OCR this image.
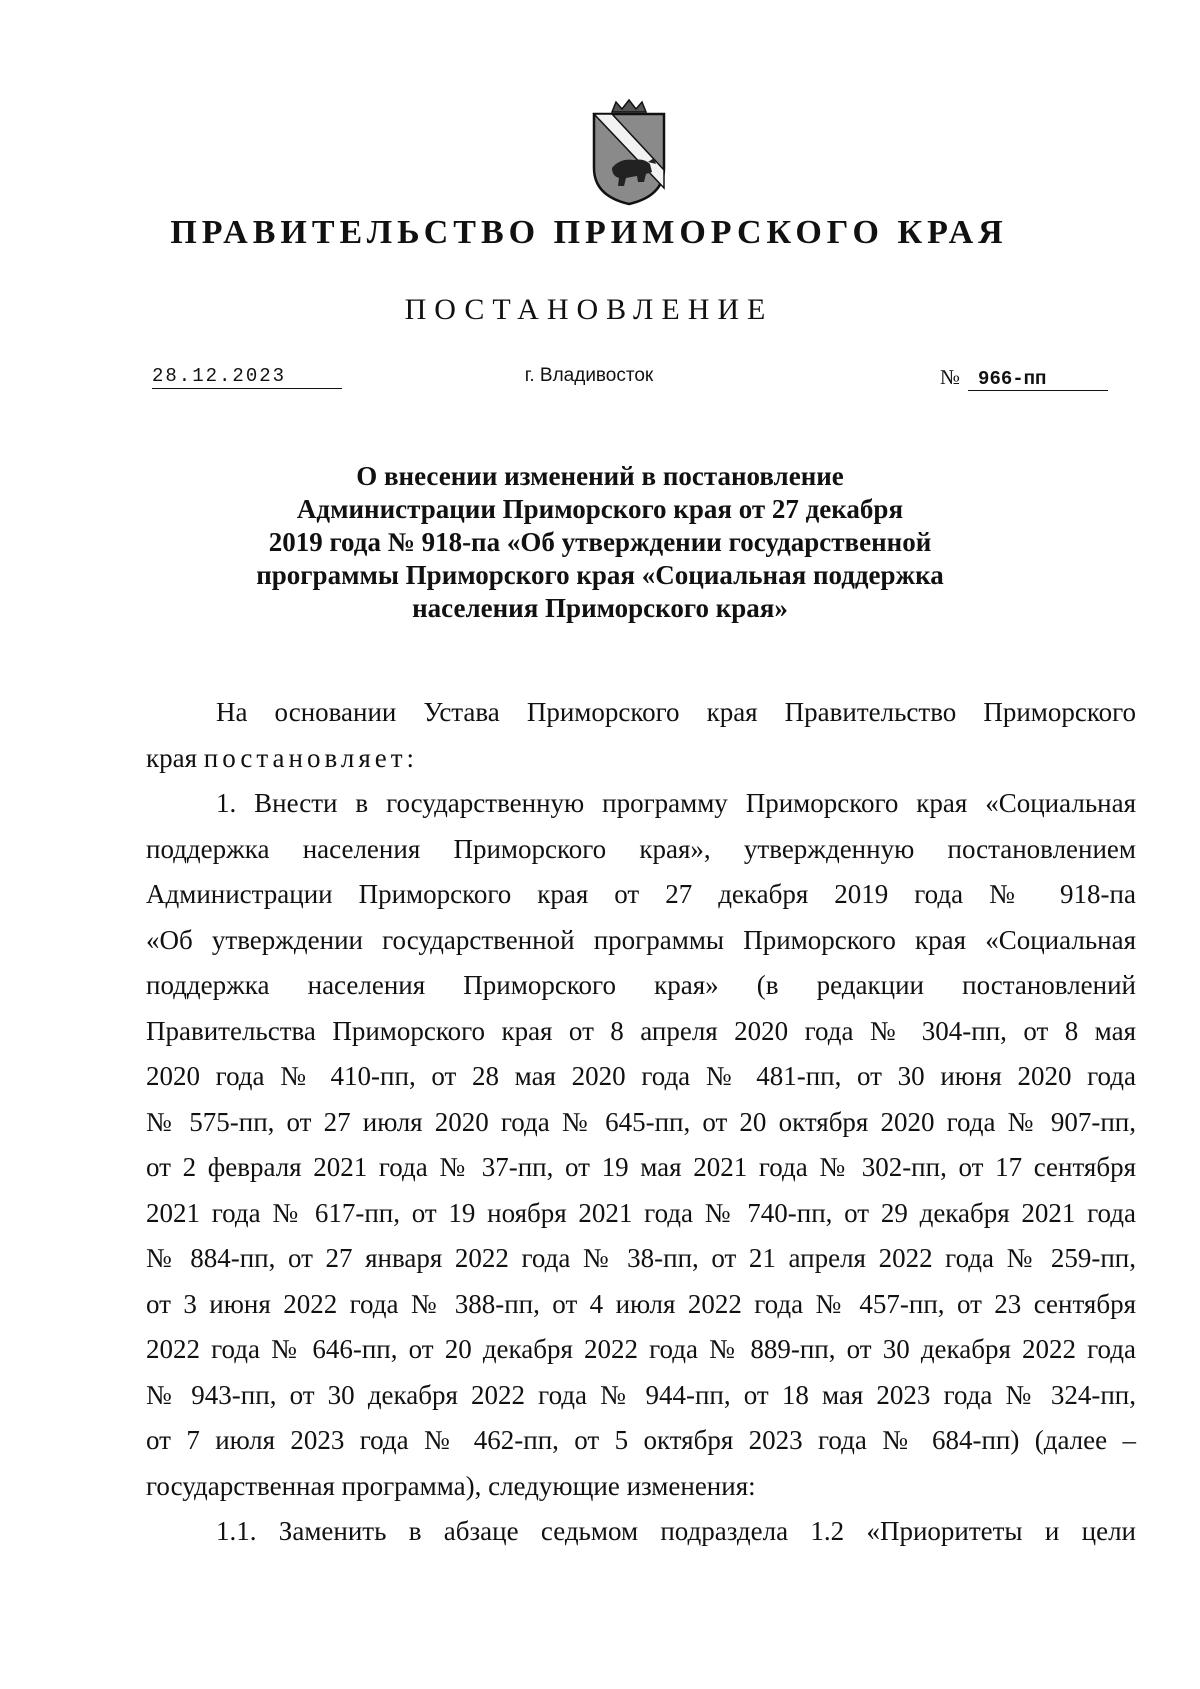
ПРАВИТЕЛЬСТВО ПРИМОРСКОГО КРАЯ
ПОСТАНОВЛЕНИЕ
28.12.2023	г. Владивосток	№ 966-пп
О внесении изменений в постановление
Администрации Приморского края от 27 декабря
2019 года № 918-па «Об утверждении государственной
программы Приморского края «Социальная поддержка
населения Приморского края»
На основании Устава Приморского края Правительство Приморского
края постановляет:
1. Внести в государственную программу Приморского края «Социальная
поддержка населения Приморского края», утвержденную постановлением
Администрации Приморского края от 27 декабря 2019 года № 918-па
«Об утверждении государственной программы Приморского края «Социальная
поддержка населения Приморского края» (в редакции постановлений
Правительства Приморского края от 8 апреля 2020 года № 304-пп, от 8 мая
2020 года № 410-пп, от 28 мая 2020 года № 481-пп, от 30 июня 2020 года
№ 575-пп, от 27 июля 2020 года № 645-пп, от 20 октября 2020 года № 907-пп,
от 2 февраля 2021 года № 37-пп, от 19 мая 2021 года № 302-пп, от 17 сентября
2021 года № 617-пп, от 19 ноября 2021 года № 740-пп, от 29 декабря 2021 года
№ 884-пп, от 27 января 2022 года № 38-пп, от 21 апреля 2022 года № 259-пп,
от 3 июня 2022 года № 388-пп, от 4 июля 2022 года № 457-пп, от 23 сентября
2022 года № 646-пп, от 20 декабря 2022 года № 889-пп, от 30 декабря 2022 года
№ 943-пп, от 30 декабря 2022 года № 944-пп, от 18 мая 2023 года № 324-пп,
от 7 июля 2023 года № 462-пп, от 5 октября 2023 года № 684-пп) (далее –
государственная программа), следующие изменения:
1.1. Заменить в абзаце седьмом подраздела 1.2 «Приоритеты и цели
